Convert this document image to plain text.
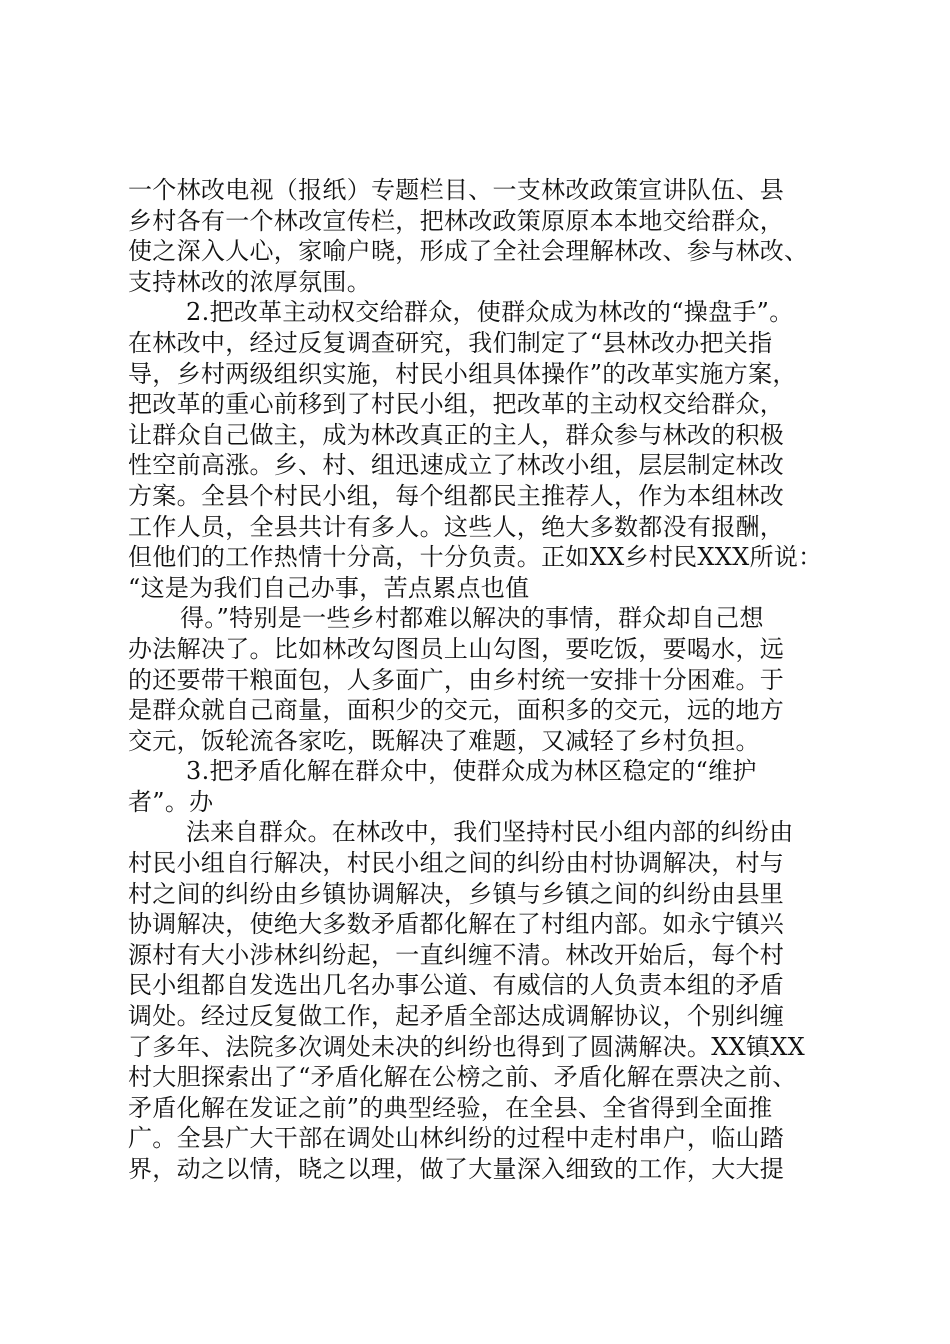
一个林改电视（报纸）专题栏目、一支林改政策宣讲队伍、县
乡村各有一个林改宣传栏，把林改政策原原本本地交给群众，
使之深入人心，家喻户晓，形成了全社会理解林改、参与林改、
支持林改的浓厚氛围。
2.把改革主动权交给群众，使群众成为林改的“操盘手”。
在林改中，经过反复调查研究，我们制定了“县林改办把关指
导，乡村两级组织实施，村民小组具体操作”的改革实施方案，
把改革的重心前移到了村民小组，把改革的主动权交给群众，
让群众自己做主，成为林改真正的主人，群众参与林改的积极
性空前高涨。乡、村、组迅速成立了林改小组，层层制定林改
方案。全县个村民小组，每个组都民主推荐人，作为本组林改
工作人员，全县共计有多人。这些人，绝大多数都没有报酬，
但他们的工作热情十分高，十分负责。正如XX乡村民XXX所说：
“这是为我们自己办事，苦点累点也值
得。”特别是一些乡村都难以解决的事情，群众却自己想
办法解决了。比如林改勾图员上山勾图，要吃饭，要喝水，远
的还要带干粮面包，人多面广，由乡村统一安排十分困难。于
是群众就自己商量，面积少的交元，面积多的交元，远的地方
交元，饭轮流各家吃，既解决了难题，又减轻了乡村负担。
3.把矛盾化解在群众中，使群众成为林区稳定的“维护
者”。办
法来自群众。在林改中，我们坚持村民小组内部的纠纷由
村民小组自行解决，村民小组之间的纠纷由村协调解决，村与
村之间的纠纷由乡镇协调解决，乡镇与乡镇之间的纠纷由县里
协调解决，使绝大多数矛盾都化解在了村组内部。如永宁镇兴
源村有大小涉林纠纷起，一直纠缠不清。林改开始后，每个村
民小组都自发选出几名办事公道、有威信的人负责本组的矛盾
调处。经过反复做工作，起矛盾全部达成调解协议，个别纠缠
了多年、法院多次调处未决的纠纷也得到了圆满解决。XX镇XX
村大胆探索出了“矛盾化解在公榜之前、矛盾化解在票决之前、
矛盾化解在发证之前”的典型经验，在全县、全省得到全面推
广。全县广大干部在调处山林纠纷的过程中走村串户，临山踏
界，动之以情，晓之以理，做了大量深入细致的工作，大大提
